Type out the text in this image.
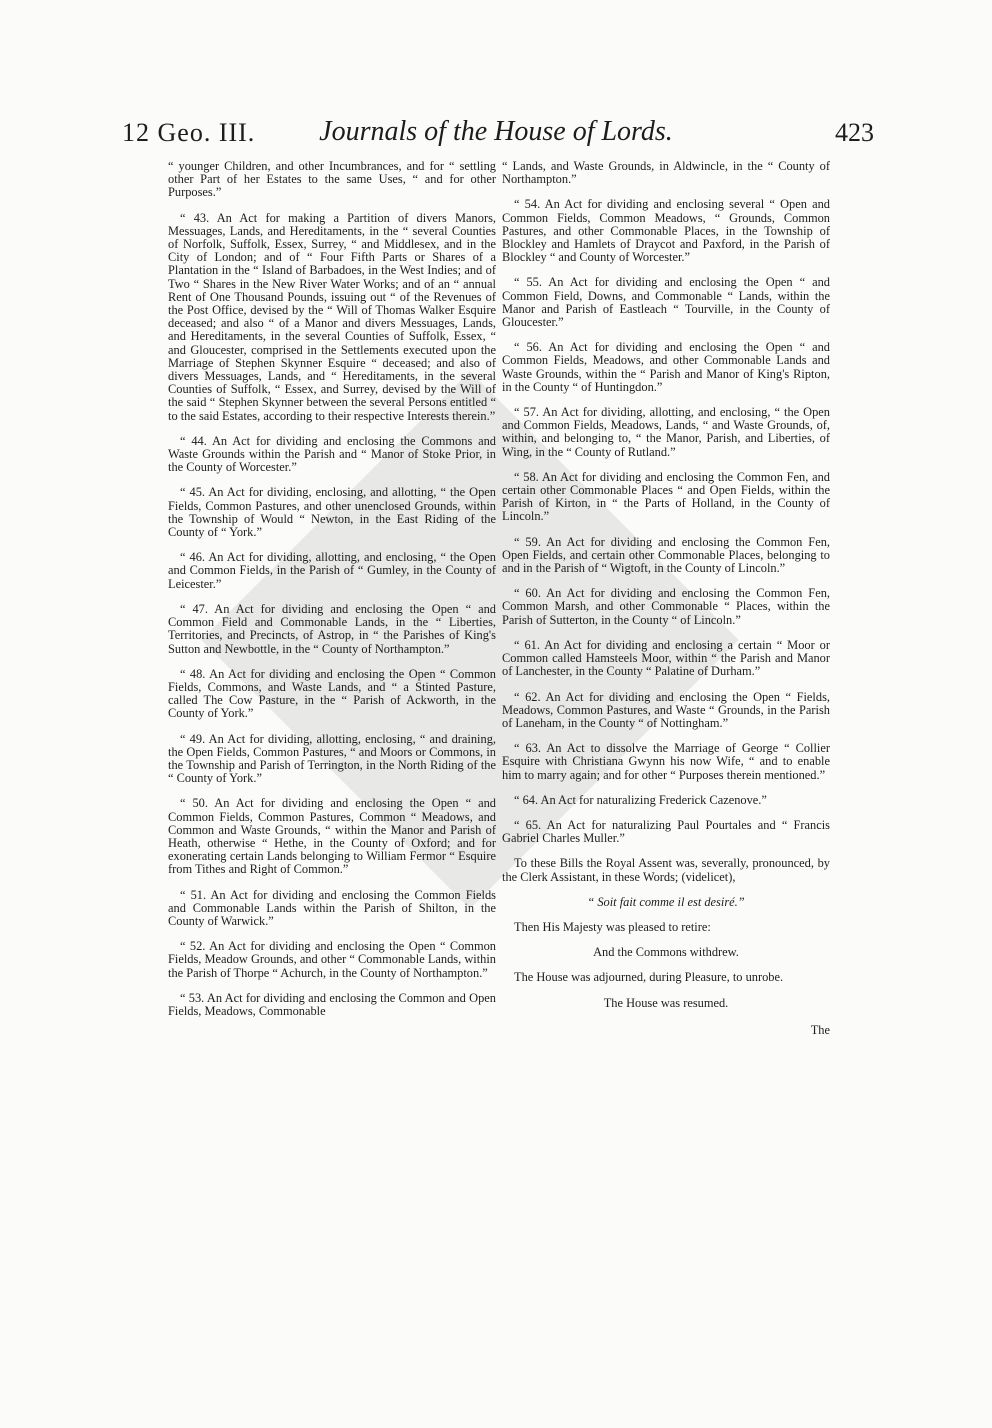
12 Geo. III.	Journals of the House of Lords.	423

“ younger Children, and other Incumbrances, and for “ settling other Part of her Estates to the same Uses, “ and for other Purposes.”

“ 43. An Act for making a Partition of divers Manors, Messuages, Lands, and Hereditaments, in the “ several Counties of Norfolk, Suffolk, Essex, Surrey, “ and Middlesex, and in the City of London; and of “ Four Fifth Parts or Shares of a Plantation in the “ Island of Barbadoes, in the West Indies; and of Two “ Shares in the New River Water Works; and of an “ annual Rent of One Thousand Pounds, issuing out “ of the Revenues of the Post Office, devised by the “ Will of Thomas Walker Esquire deceased; and also “ of a Manor and divers Messuages, Lands, and Hereditaments, in the several Counties of Suffolk, Essex, “ and Gloucester, comprised in the Settlements executed upon the Marriage of Stephen Skynner Esquire “ deceased; and also of divers Messuages, Lands, and “ Hereditaments, in the several Counties of Suffolk, “ Essex, and Surrey, devised by the Will of the said “ Stephen Skynner between the several Persons entitled “ to the said Estates, according to their respective Interests therein.”

“ 44. An Act for dividing and enclosing the Commons and Waste Grounds within the Parish and “ Manor of Stoke Prior, in the County of Worcester.”

“ 45. An Act for dividing, enclosing, and allotting, “ the Open Fields, Common Pastures, and other unenclosed Grounds, within the Township of Would “ Newton, in the East Riding of the County of “ York.”

“ 46. An Act for dividing, allotting, and enclosing, “ the Open and Common Fields, in the Parish of “ Gumley, in the County of Leicester.”

“ 47. An Act for dividing and enclosing the Open “ and Common Field and Commonable Lands, in the “ Liberties, Territories, and Precincts, of Astrop, in “ the Parishes of King's Sutton and Newbottle, in the “ County of Northampton.”

“ 48. An Act for dividing and enclosing the Open “ Common Fields, Commons, and Waste Lands, and “ a Stinted Pasture, called The Cow Pasture, in the “ Parish of Ackworth, in the County of York.”

“ 49. An Act for dividing, allotting, enclosing, “ and draining, the Open Fields, Common Pastures, “ and Moors or Commons, in the Township and Parish of Terrington, in the North Riding of the “ County of York.”

“ 50. An Act for dividing and enclosing the Open “ and Common Fields, Common Pastures, Common “ Meadows, and Common and Waste Grounds, “ within the Manor and Parish of Heath, otherwise “ Hethe, in the County of Oxford; and for exonerating certain Lands belonging to William Fermor “ Esquire from Tithes and Right of Common.”

“ 51. An Act for dividing and enclosing the Common Fields and Commonable Lands within the Parish of Shilton, in the County of Warwick.”

“ 52. An Act for dividing and enclosing the Open “ Common Fields, Meadow Grounds, and other “ Commonable Lands, within the Parish of Thorpe “ Achurch, in the County of Northampton.”

“ 53. An Act for dividing and enclosing the Common and Open Fields, Meadows, Commonable

“ Lands, and Waste Grounds, in Aldwincle, in the “ County of Northampton.”

“ 54. An Act for dividing and enclosing several “ Open and Common Fields, Common Meadows, “ Grounds, Common Pastures, and other Commonable Places, in the Township of Blockley and Hamlets of Draycot and Paxford, in the Parish of Blockley “ and County of Worcester.”

“ 55. An Act for dividing and enclosing the Open “ and Common Field, Downs, and Commonable “ Lands, within the Manor and Parish of Eastleach “ Tourville, in the County of Gloucester.”

“ 56. An Act for dividing and enclosing the Open “ and Common Fields, Meadows, and other Commonable Lands and Waste Grounds, within the “ Parish and Manor of King's Ripton, in the County “ of Huntingdon.”

“ 57. An Act for dividing, allotting, and enclosing, “ the Open and Common Fields, Meadows, Lands, “ and Waste Grounds, of, within, and belonging to, “ the Manor, Parish, and Liberties, of Wing, in the “ County of Rutland.”

“ 58. An Act for dividing and enclosing the Common Fen, and certain other Commonable Places “ and Open Fields, within the Parish of Kirton, in “ the Parts of Holland, in the County of Lincoln.”

“ 59. An Act for dividing and enclosing the Common Fen, Open Fields, and certain other Commonable Places, belonging to and in the Parish of “ Wigtoft, in the County of Lincoln.”

“ 60. An Act for dividing and enclosing the Common Fen, Common Marsh, and other Commonable “ Places, within the Parish of Sutterton, in the County “ of Lincoln.”

“ 61. An Act for dividing and enclosing a certain “ Moor or Common called Hamsteels Moor, within “ the Parish and Manor of Lanchester, in the County “ Palatine of Durham.”

“ 62. An Act for dividing and enclosing the Open “ Fields, Meadows, Common Pastures, and Waste “ Grounds, in the Parish of Laneham, in the County “ of Nottingham.”

“ 63. An Act to dissolve the Marriage of George “ Collier Esquire with Christiana Gwynn his now Wife, “ and to enable him to marry again; and for other “ Purposes therein mentioned.”

“ 64. An Act for naturalizing Frederick Cazenove.”

“ 65. An Act for naturalizing Paul Pourtales and “ Francis Gabriel Charles Muller.”

To these Bills the Royal Assent was, severally, pronounced, by the Clerk Assistant, in these Words; (videlicet),

“ Soit fait comme il est desiré.”

Then His Majesty was pleased to retire:

And the Commons withdrew.

The House was adjourned, during Pleasure, to unrobe.

The House was resumed.

The
